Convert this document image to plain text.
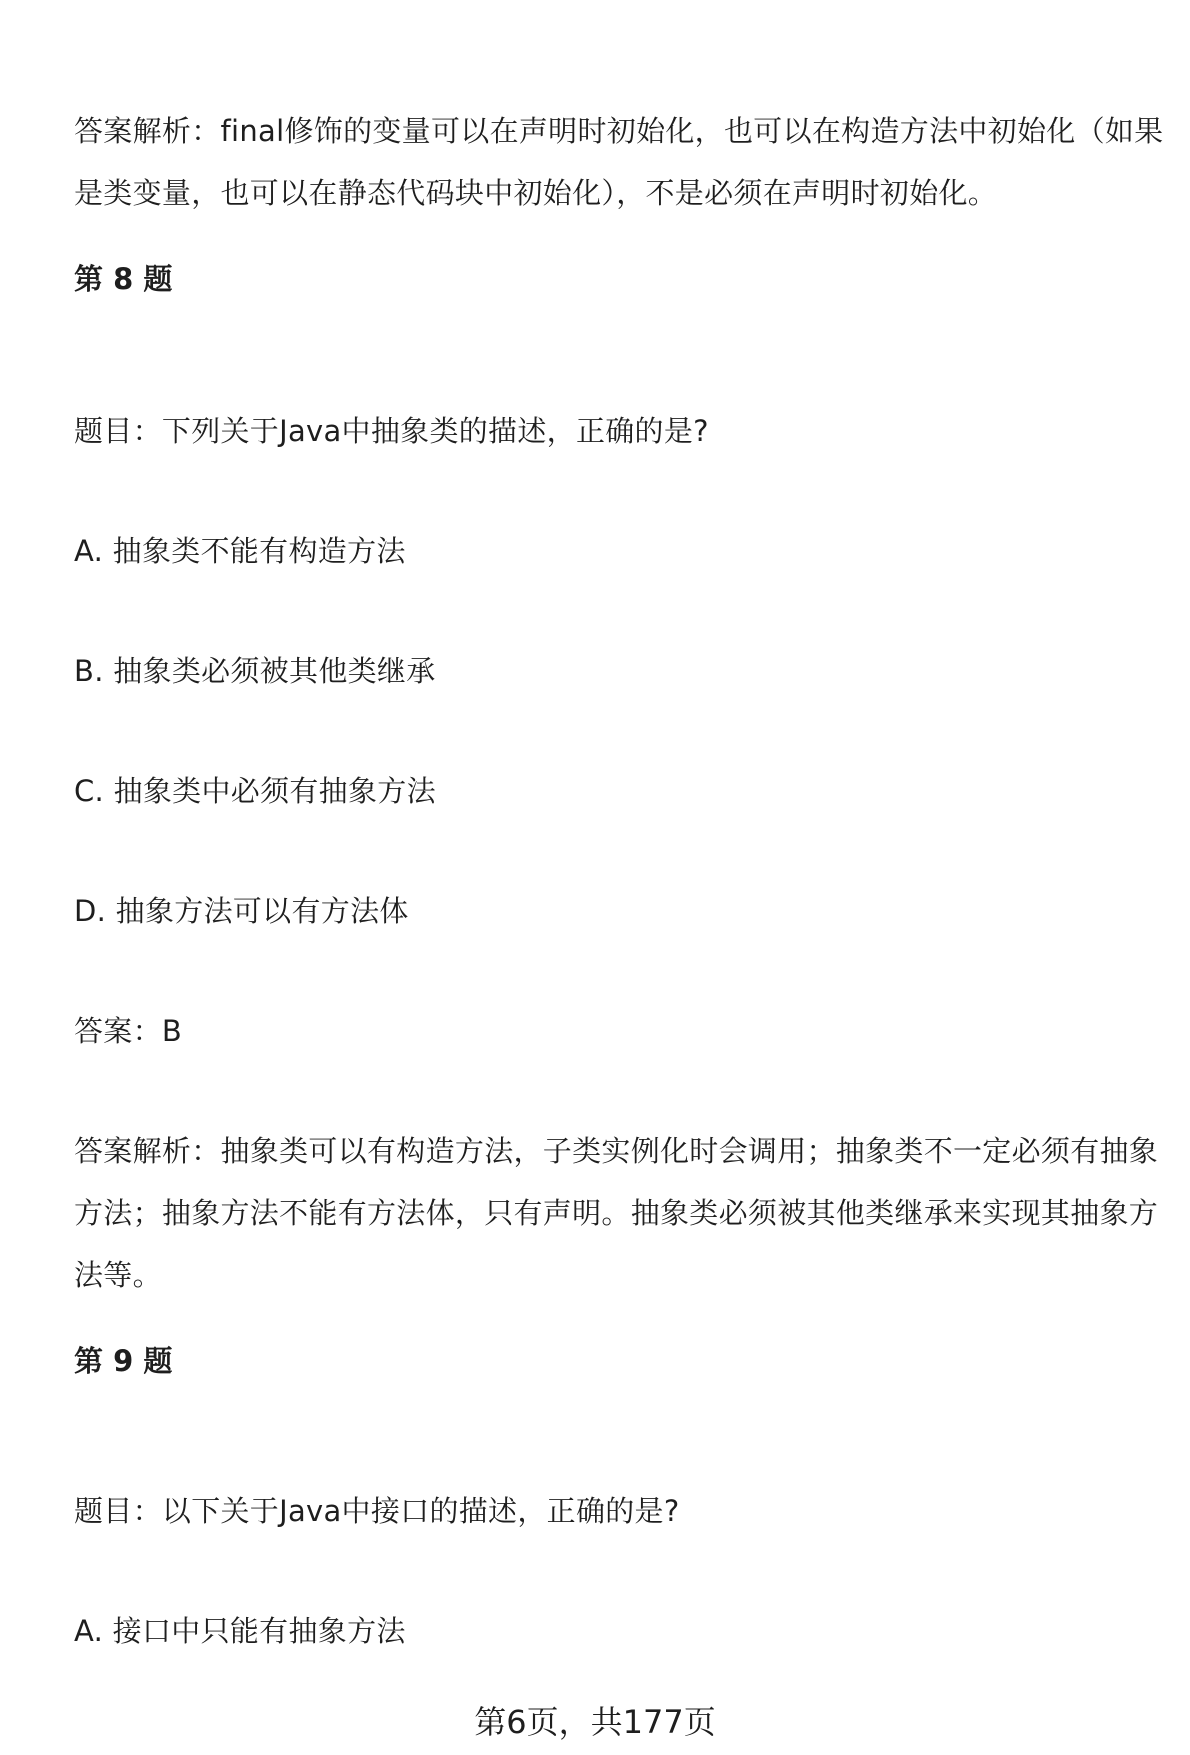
答案解析：final修饰的变量可以在声明时初始化，也可以在构造方法中初始化（如果是类变量，也可以在静态代码块中初始化），不是必须在声明时初始化。

第 8 题

题目：下列关于Java中抽象类的描述，正确的是?

A. 抽象类不能有构造方法

B. 抽象类必须被其他类继承

C. 抽象类中必须有抽象方法

D. 抽象方法可以有方法体

答案：B

答案解析：抽象类可以有构造方法，子类实例化时会调用；抽象类不一定必须有抽象方法；抽象方法不能有方法体，只有声明。抽象类必须被其他类继承来实现其抽象方法等。

第 9 题

题目：以下关于Java中接口的描述，正确的是?

A. 接口中只能有抽象方法

第6页，共177页
